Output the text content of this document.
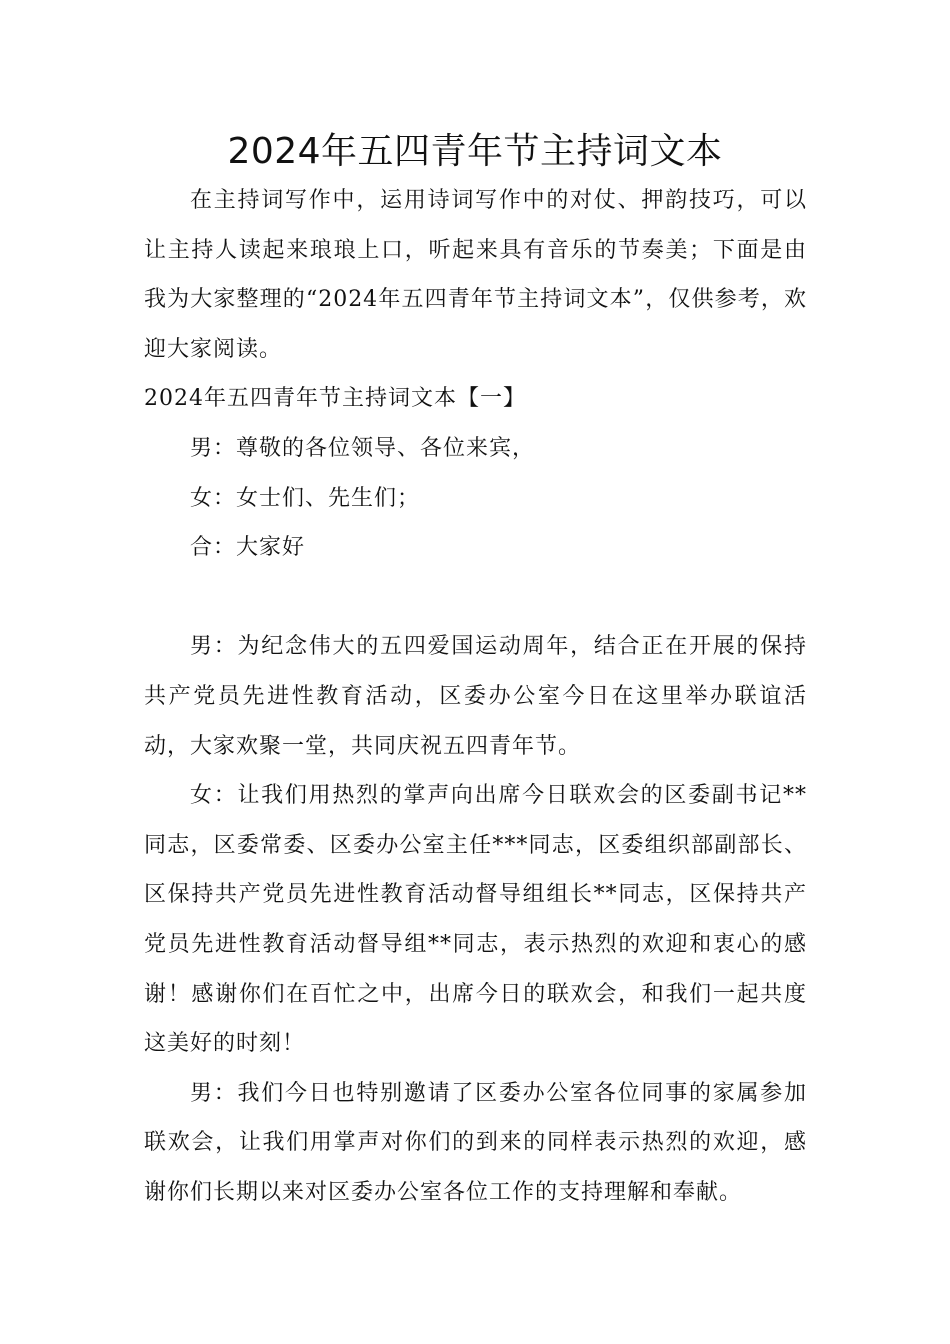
2024年五四青年节主持词文本

在主持词写作中，运用诗词写作中的对仗、押韵技巧，可以让主持人读起来琅琅上口，听起来具有音乐的节奏美；下面是由我为大家整理的“2024年五四青年节主持词文本”，仅供参考，欢迎大家阅读。

2024年五四青年节主持词文本【一】

男：尊敬的各位领导、各位来宾，

女：女士们、先生们；

合：大家好

男：为纪念伟大的五四爱国运动周年，结合正在开展的保持共产党员先进性教育活动，区委办公室今日在这里举办联谊活动，大家欢聚一堂，共同庆祝五四青年节。

女：让我们用热烈的掌声向出席今日联欢会的区委副书记**同志，区委常委、区委办公室主任***同志，区委组织部副部长、区保持共产党员先进性教育活动督导组组长**同志，区保持共产党员先进性教育活动督导组**同志，表示热烈的欢迎和衷心的感谢！感谢你们在百忙之中，出席今日的联欢会，和我们一起共度这美好的时刻！

男：我们今日也特别邀请了区委办公室各位同事的家属参加联欢会，让我们用掌声对你们的到来的同样表示热烈的欢迎，感谢你们长期以来对区委办公室各位工作的支持理解和奉献。
